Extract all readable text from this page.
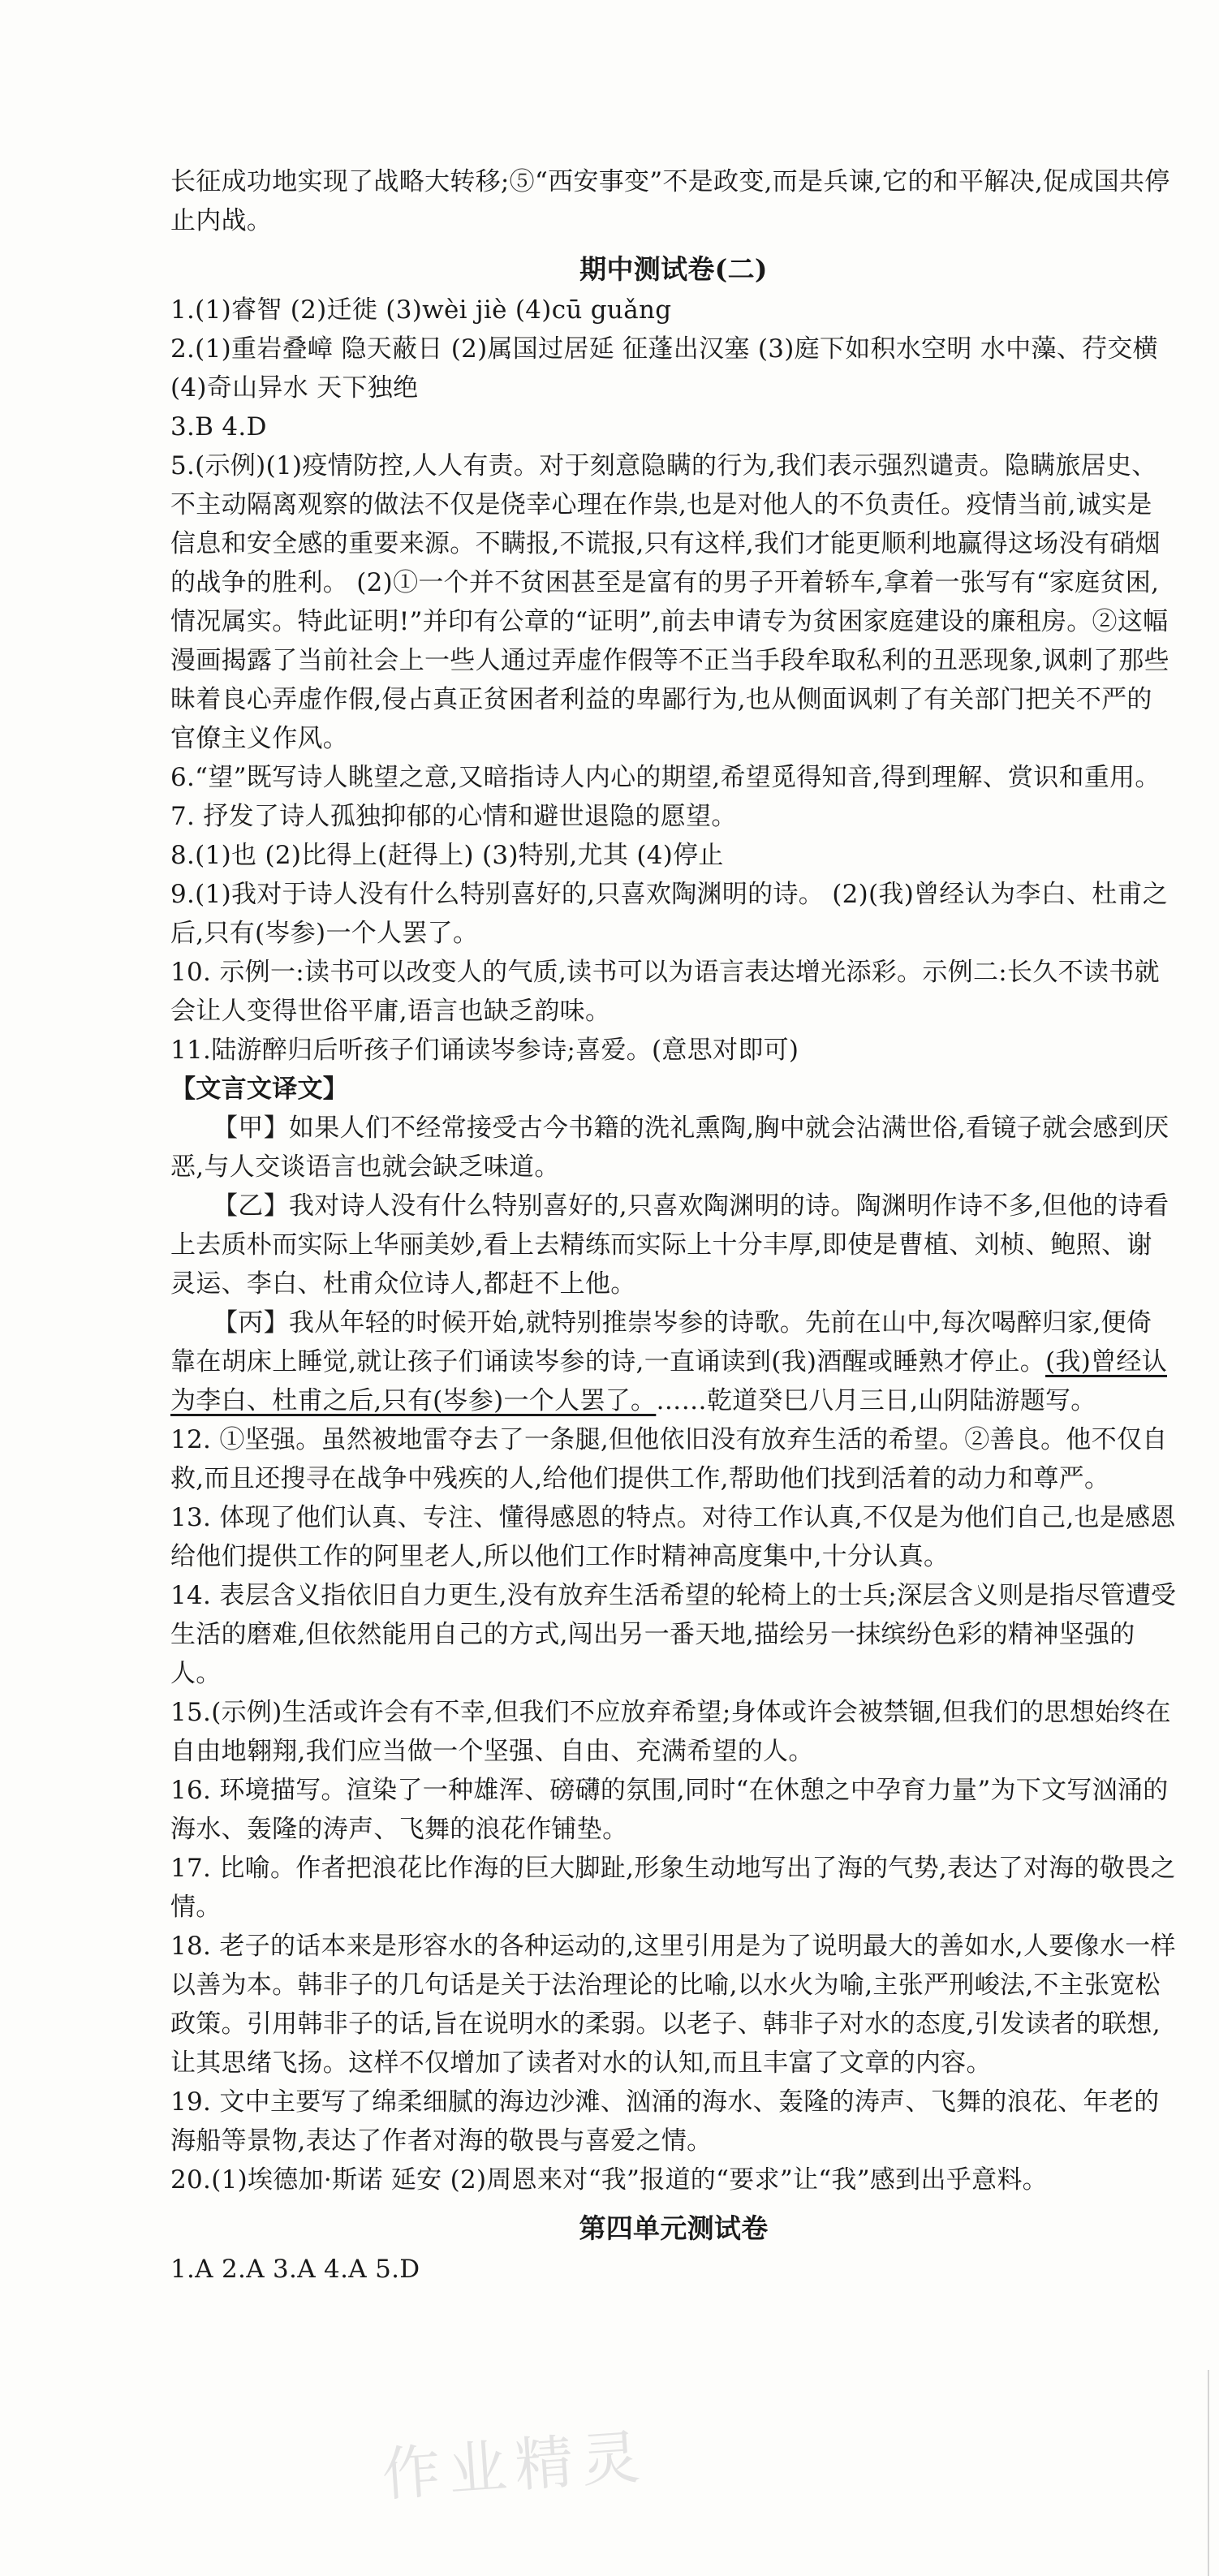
长征成功地实现了战略大转移;⑤“西安事变”不是政变,而是兵谏,它的和平解决,促成国共停止内战。

期中测试卷(二)

1.(1)睿智 (2)迁徙 (3)wèi jiè (4)cū guǎng

2.(1)重岩叠嶂 隐天蔽日 (2)属国过居延 征蓬出汉塞 (3)庭下如积水空明 水中藻、荇交横 (4)奇山异水 天下独绝

3.B 4.D

5.(示例)(1)疫情防控,人人有责。对于刻意隐瞒的行为,我们表示强烈谴责。隐瞒旅居史、不主动隔离观察的做法不仅是侥幸心理在作祟,也是对他人的不负责任。疫情当前,诚实是信息和安全感的重要来源。不瞒报,不谎报,只有这样,我们才能更顺利地赢得这场没有硝烟的战争的胜利。 (2)①一个并不贫困甚至是富有的男子开着轿车,拿着一张写有“家庭贫困,情况属实。特此证明!”并印有公章的“证明”,前去申请专为贫困家庭建设的廉租房。②这幅漫画揭露了当前社会上一些人通过弄虚作假等不正当手段牟取私利的丑恶现象,讽刺了那些昧着良心弄虚作假,侵占真正贫困者利益的卑鄙行为,也从侧面讽刺了有关部门把关不严的官僚主义作风。

6.“望”既写诗人眺望之意,又暗指诗人内心的期望,希望觅得知音,得到理解、赏识和重用。

7. 抒发了诗人孤独抑郁的心情和避世退隐的愿望。

8.(1)也 (2)比得上(赶得上) (3)特别,尤其 (4)停止

9.(1)我对于诗人没有什么特别喜好的,只喜欢陶渊明的诗。 (2)(我)曾经认为李白、杜甫之后,只有(岑参)一个人罢了。

10. 示例一:读书可以改变人的气质,读书可以为语言表达增光添彩。示例二:长久不读书就会让人变得世俗平庸,语言也缺乏韵味。

11.陆游醉归后听孩子们诵读岑参诗;喜爱。(意思对即可)

【文言文译文】

【甲】如果人们不经常接受古今书籍的洗礼熏陶,胸中就会沾满世俗,看镜子就会感到厌恶,与人交谈语言也就会缺乏味道。

【乙】我对诗人没有什么特别喜好的,只喜欢陶渊明的诗。陶渊明作诗不多,但他的诗看上去质朴而实际上华丽美妙,看上去精练而实际上十分丰厚,即使是曹植、刘桢、鲍照、谢灵运、李白、杜甫众位诗人,都赶不上他。

【丙】我从年轻的时候开始,就特别推崇岑参的诗歌。先前在山中,每次喝醉归家,便倚靠在胡床上睡觉,就让孩子们诵读岑参的诗,一直诵读到(我)酒醒或睡熟才停止。(我)曾经认为李白、杜甫之后,只有(岑参)一个人罢了。……乾道癸巳八月三日,山阴陆游题写。

12. ①坚强。虽然被地雷夺去了一条腿,但他依旧没有放弃生活的希望。②善良。他不仅自救,而且还搜寻在战争中残疾的人,给他们提供工作,帮助他们找到活着的动力和尊严。

13. 体现了他们认真、专注、懂得感恩的特点。对待工作认真,不仅是为他们自己,也是感恩给他们提供工作的阿里老人,所以他们工作时精神高度集中,十分认真。

14. 表层含义指依旧自力更生,没有放弃生活希望的轮椅上的士兵;深层含义则是指尽管遭受生活的磨难,但依然能用自己的方式,闯出另一番天地,描绘另一抹缤纷色彩的精神坚强的人。

15.(示例)生活或许会有不幸,但我们不应放弃希望;身体或许会被禁锢,但我们的思想始终在自由地翱翔,我们应当做一个坚强、自由、充满希望的人。

16. 环境描写。渲染了一种雄浑、磅礴的氛围,同时“在休憩之中孕育力量”为下文写汹涌的海水、轰隆的涛声、飞舞的浪花作铺垫。

17. 比喻。作者把浪花比作海的巨大脚趾,形象生动地写出了海的气势,表达了对海的敬畏之情。

18. 老子的话本来是形容水的各种运动的,这里引用是为了说明最大的善如水,人要像水一样以善为本。韩非子的几句话是关于法治理论的比喻,以水火为喻,主张严刑峻法,不主张宽松政策。引用韩非子的话,旨在说明水的柔弱。以老子、韩非子对水的态度,引发读者的联想,让其思绪飞扬。这样不仅增加了读者对水的认知,而且丰富了文章的内容。

19. 文中主要写了绵柔细腻的海边沙滩、汹涌的海水、轰隆的涛声、飞舞的浪花、年老的海船等景物,表达了作者对海的敬畏与喜爱之情。

20.(1)埃德加·斯诺 延安 (2)周恩来对“我”报道的“要求”让“我”感到出乎意料。

第四单元测试卷

1.A 2.A 3.A 4.A 5.D

作业精灵
